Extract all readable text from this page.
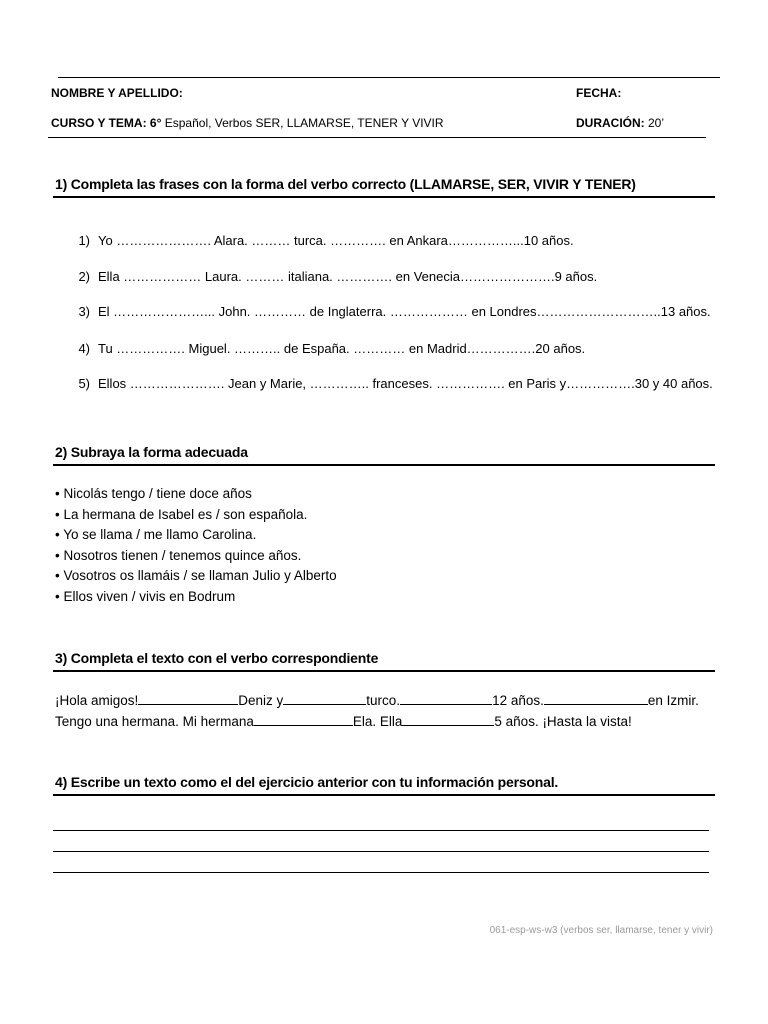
NOMBRE Y APELLIDO:	FECHA:
CURSO Y TEMA: 6° Español, Verbos SER, LLAMARSE, TENER Y VIVIR	DURACIÓN: 20’
1) Completa las frases con la forma del verbo correcto (LLAMARSE, SER, VIVIR Y TENER)
1) Yo …………………. Alara. ……… turca. …………. en Ankara……………...10 años.
2) Ella ……………… Laura. ……… italiana. …………. en Venecia………………….9 años.
3) El …………………... John. ………… de Inglaterra. ……………… en Londres………………………..13 años.
4) Tu ……………. Miguel. ……….. de España. ………… en Madrid…………….20 años.
5) Ellos …………………. Jean y Marie, ………….. franceses. ……………. en Paris y…………….30 y 40 años.
2) Subraya la forma adecuada
• Nicolás tengo / tiene doce años
• La hermana de Isabel es / son española.
• Yo se llama / me llamo Carolina.
• Nosotros tienen / tenemos quince años.
• Vosotros os llamáis / se llaman Julio y Alberto
• Ellos viven / vivis en Bodrum
3) Completa el texto con el verbo correspondiente
¡Hola amigos!	Deniz y	turco.	12 años.	en Izmir.
Tengo una hermana. Mi hermana	Ela. Ella	5 años. ¡Hasta la vista!
4) Escribe un texto como el del ejercicio anterior con tu información personal.
061-esp-ws-w3 (verbos ser, llamarse, tener y vivir)
